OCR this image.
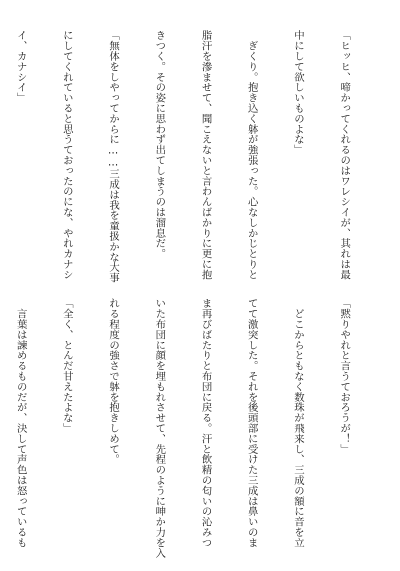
「ヒッヒ、啼かってくれるのはワレシイが、其れは最

中にして欲しいものよな」

　ぎくり。抱き込く躰が強張った。心なしかじとりと

脂汗を滲ませて、聞こえないと言わんばかりに更に抱

きつく。その姿に思わず出てしまうのは溜息だ。

「無体をしやってからに……三成は我を童扱かな大事

にしてくれていると思うておったのにな、やれカナシ

イ、カナシイ」

「黙りやれと言うておろうが！」

　どこからともなく数珠が飛来し、三成の額に音を立

てて激突した。それを後頭部に受けた三成は鼻いのま

ま再びばたりと布団に戻る。汗と飲精の匂いの沁みつ

いた布団に顔を埋もれさせて、先程のように呻か力を入

れる程度の強さで躰を抱きしめて。

「全く、とんだ甘えたよな」

　言葉は諫めるものだが、決して声色は怒っているも
